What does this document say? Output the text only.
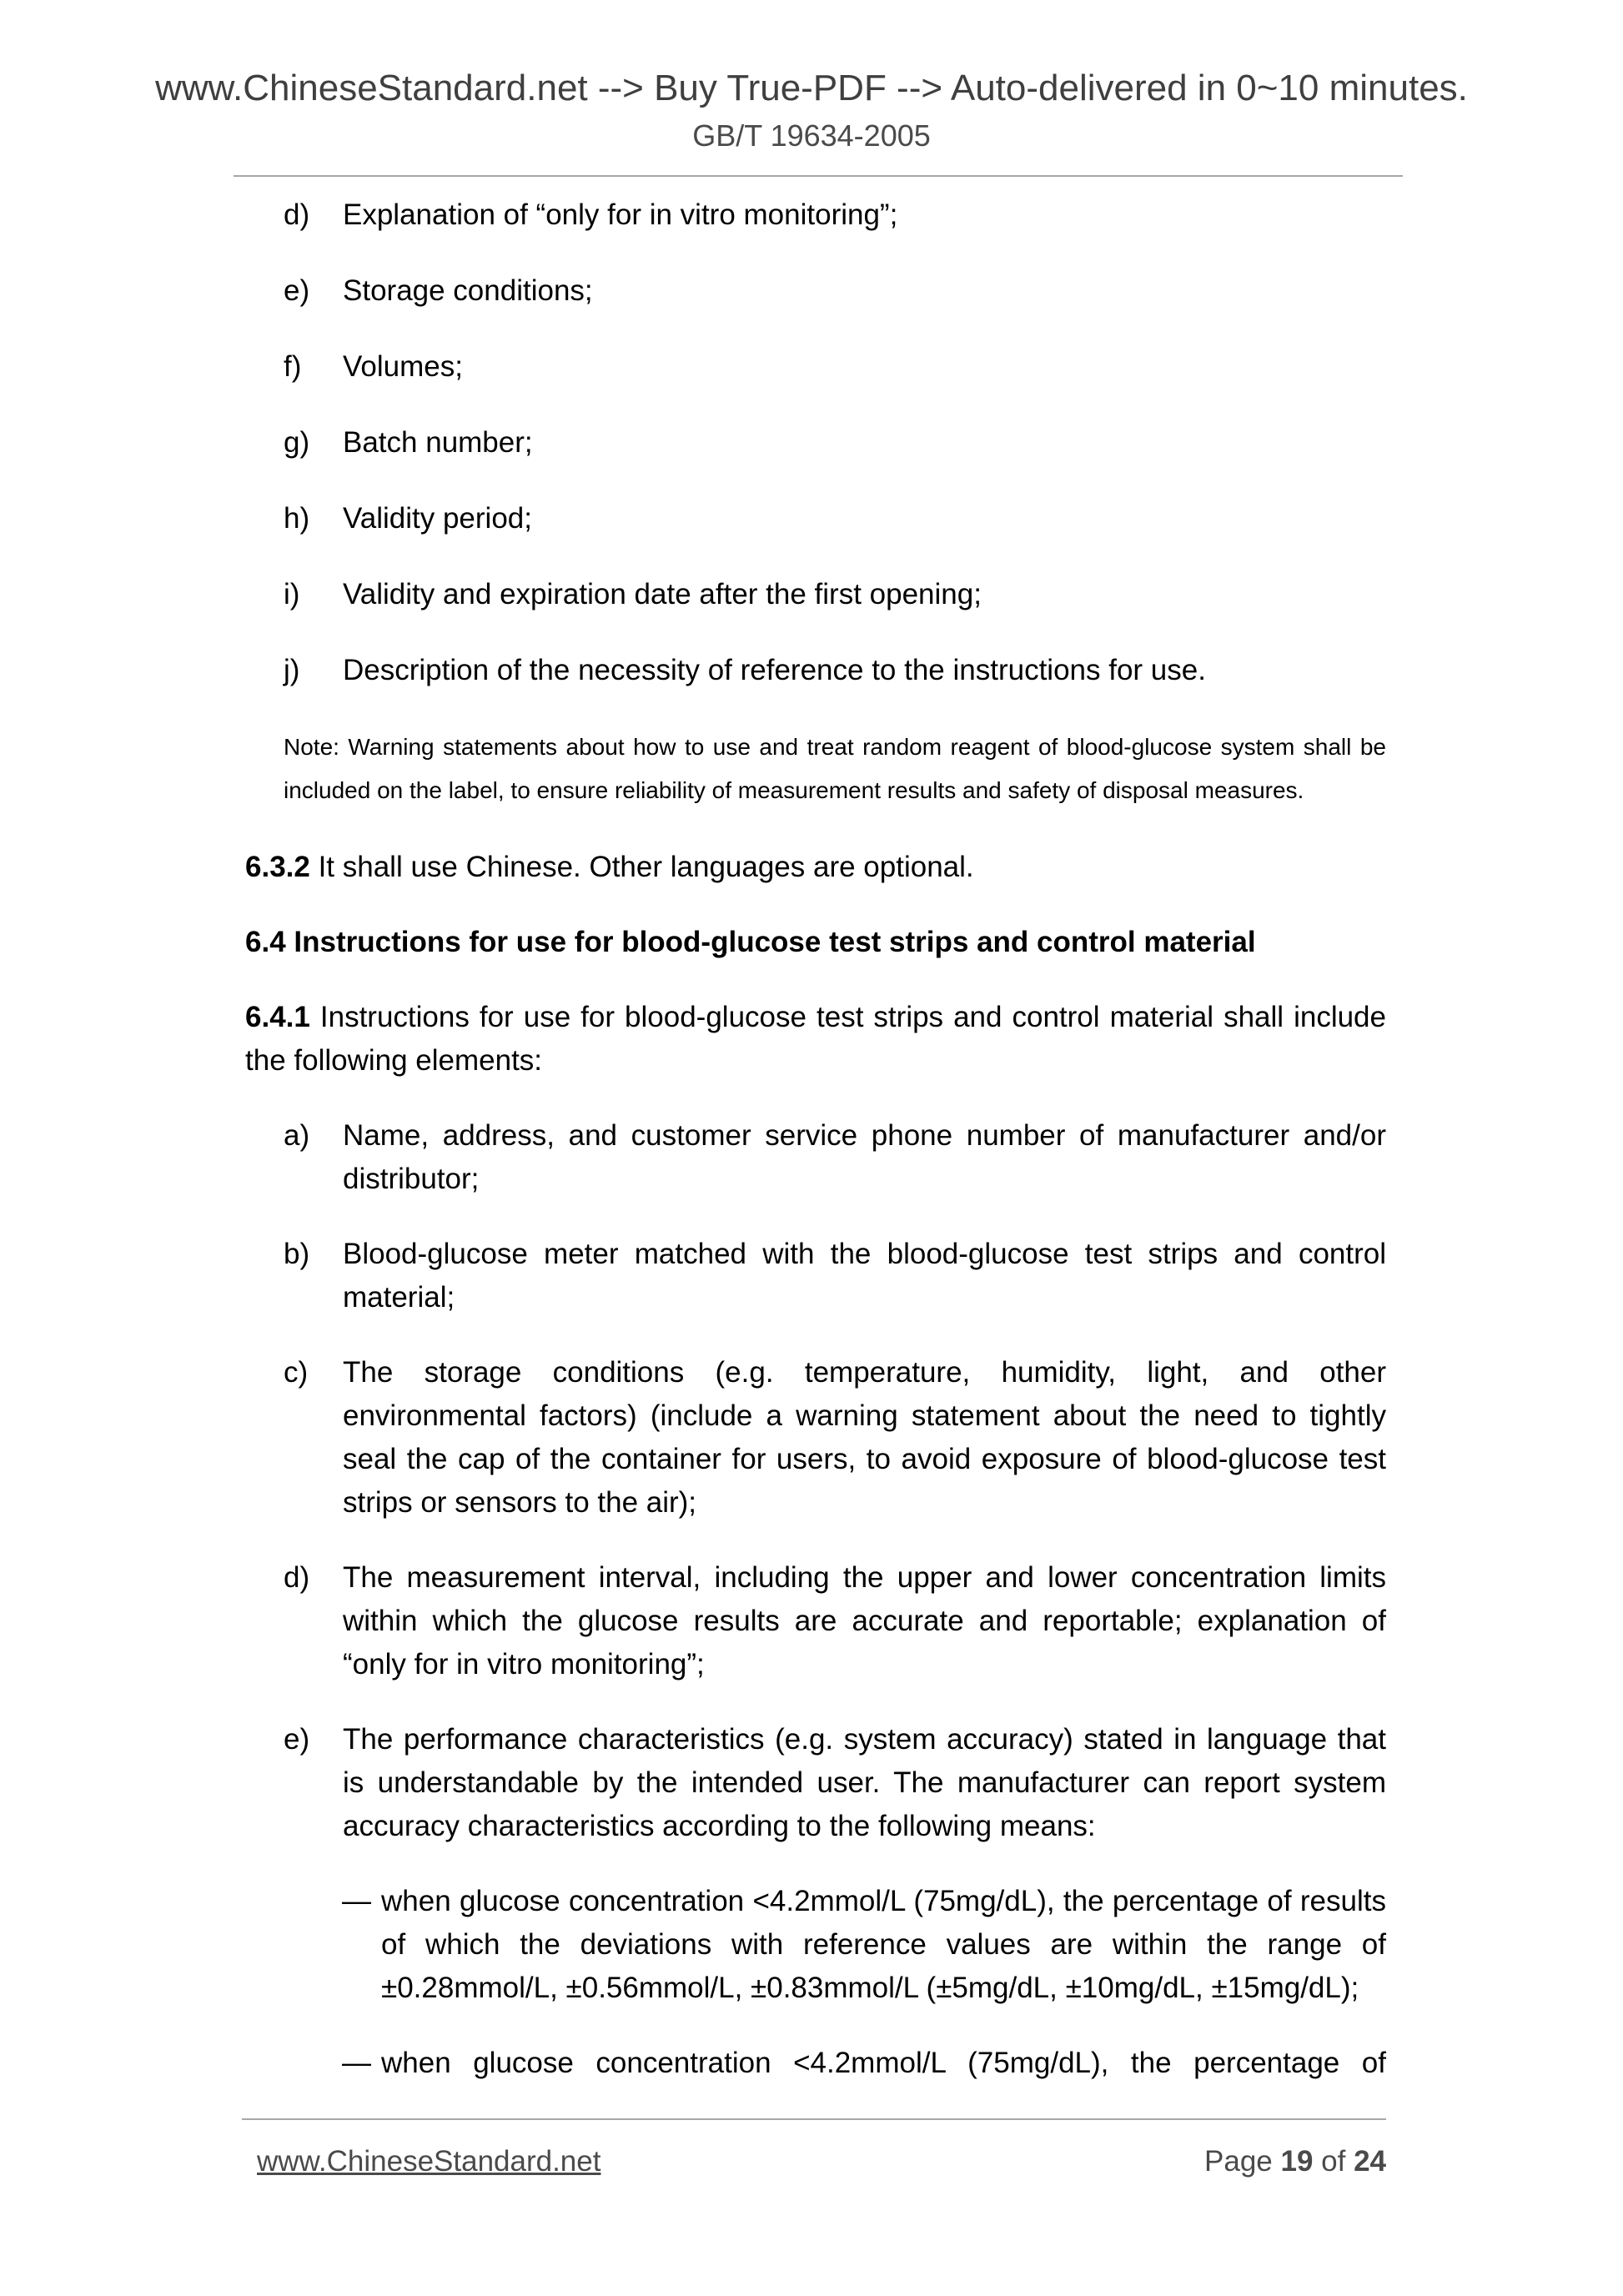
www.ChineseStandard.net --> Buy True-PDF --> Auto-delivered in 0~10 minutes.
GB/T 19634-2005
d)	Explanation of “only for in vitro monitoring”;
e)	Storage conditions;
f)	Volumes;
g)	Batch number;
h)	Validity period;
i)	Validity and expiration date after the first opening;
j)	Description of the necessity of reference to the instructions for use.
Note: Warning statements about how to use and treat random reagent of blood-glucose system shall be included on the label, to ensure reliability of measurement results and safety of disposal measures.
6.3.2 It shall use Chinese. Other languages are optional.
6.4 Instructions for use for blood-glucose test strips and control material
6.4.1 Instructions for use for blood-glucose test strips and control material shall include the following elements:
a)	Name, address, and customer service phone number of manufacturer and/or distributor;
b)	Blood-glucose meter matched with the blood-glucose test strips and control material;
c)	The storage conditions (e.g. temperature, humidity, light, and other environmental factors) (include a warning statement about the need to tightly seal the cap of the container for users, to avoid exposure of blood-glucose test strips or sensors to the air);
d)	The measurement interval, including the upper and lower concentration limits within which the glucose results are accurate and reportable; explanation of “only for in vitro monitoring”;
e)	The performance characteristics (e.g. system accuracy) stated in language that is understandable by the intended user. The manufacturer can report system accuracy characteristics according to the following means:
— when glucose concentration <4.2mmol/L (75mg/dL), the percentage of results of which the deviations with reference values are within the range of ±0.28mmol/L, ±0.56mmol/L, ±0.83mmol/L (±5mg/dL, ±10mg/dL, ±15mg/dL);
— when glucose concentration <4.2mmol/L (75mg/dL), the percentage of
www.ChineseStandard.net	Page 19 of 24
